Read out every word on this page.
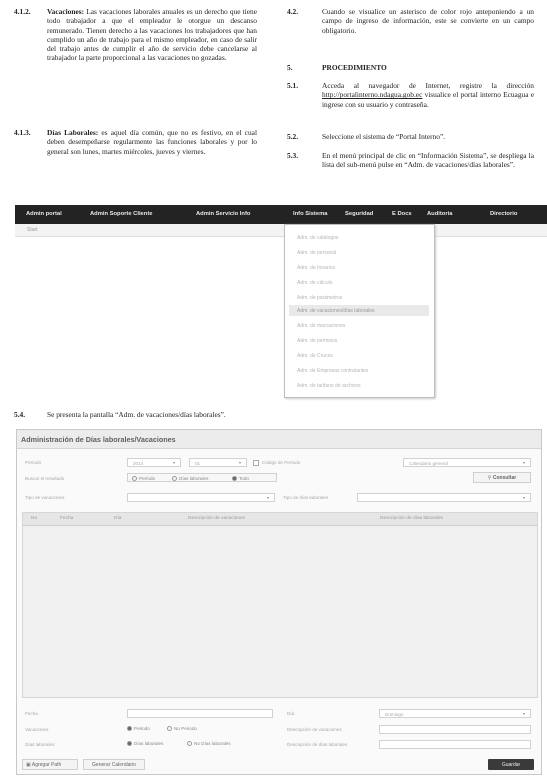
4.1.2. Vacaciones: Las vacaciones laborales anuales es un derecho que tiene todo trabajador a que el empleador le otorgue un descanso remunerado. Tienen derecho a las vacaciones los trabajadores que han cumplido un año de trabajo para el mismo empleador, en caso de salir del trabajo antes de cumplir el año de servicio debe cancelarse al trabajador la parte proporcional a las vacaciones no gozadas.
4.1.3. Días Laborales: es aquel día común, que no es festivo, en el cual deben desempeñarse regularmente las funciones laborales y por lo general son lunes, martes miércoles, jueves y viernes.
4.2.	Cuando se visualice un asterisco de color rojo anteponiendo a un campo de ingreso de información, este se convierte en un campo obligatorio.
5.	PROCEDIMIENTO
5.1.	Acceda al navegador de Internet, registre la dirección http://portalinterno.ndagua.gob.ec visualice el portal interno Ecuagua e ingrese con su usuario y contraseña.
5.2.	Seleccione el sistema de “Portal Interno”.
5.3.	En el menú principal de clic en “Información Sistema”, se despliega la lista del sub-menú pulse en “Adm. de vacaciones/días laborales”.
Admin portal	Admin Soporte Cliente	Admin Servicio Info	Info Sistema	Seguridad	E Docs	Auditoría	Directorio
Start
Adm. de catálogos
Adm. de personal
Adm. de horarios
Adm. de cálculo
Adm. de parámetros
Adm. de vacaciones/días laborales
Adm. de marcaciones
Adm. de permisos
Adm. de Cruces
Adm. de Empresas contratantes
Adm. de tarifario de archivos
5.4.	Se presenta la pantalla “Adm. de vacaciones/días laborales”.
Administración de Días laborales/Vacaciones
Período	2014	▾	01	▾	Código de Período	Calendario general	▾
Buscar el resultado	Período	Días laborales	Todo	⚲ Consultar
Tipo de vacaciones	▾	Tipo de días laborales	▾
No	Fecha	Día	Descripción de vacaciones	Descripción de días laborales
Fecha	Día	Domingo	▾
Vacaciones	Periodo	No Periodo	Descripción de vacaciones
Días laborales	Días laborales	No Días laborales	Descripción de días laborales
▣ Agregar Path	Generar Calendario	Guardar
